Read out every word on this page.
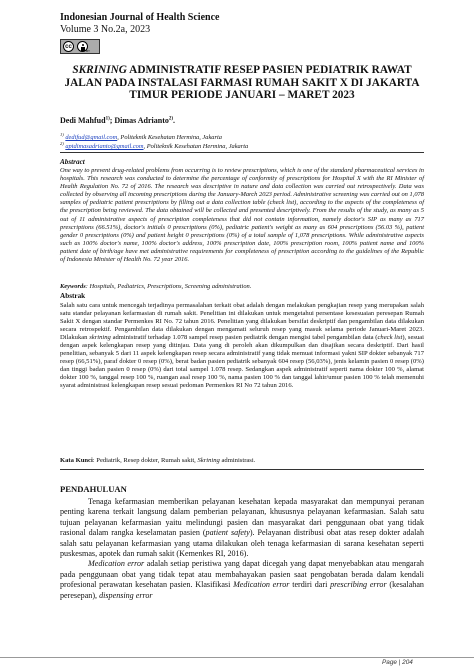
Indonesian Journal of Health Science
Volume 3 No.2a, 2023
cc
BY
SKRINING ADMINISTRATIF RESEP PASIEN PEDIATRIK RAWAT
JALAN PADA INSTALASI FARMASI RUMAH SAKIT X DI JAKARTA
TIMUR PERIODE JANUARI – MARET 2023
Dedi Mahfud$^{1)}$; Dimas Adrianto$^{2)}$.
$^{1)}$ dedifud@gmail.com, Politeknik Kesehatan Hermina, Jakarta
$^{2)}$ aptdimasadrianto@gmail.com, Politeknik Kesehatan Hermina, Jakarta
Abstract
One way to prevent drug-related problems from occurring is to review prescriptions, which is one of the standard pharmaceutical services in hospitals. This research was conducted to determine the percentage of conformity of prescriptions for Hospital X with the RI Minister of Health Regulation No. 72 of 2016. The research was descriptive in nature and data collection was carried out retrospectively. Data was collected by observing all incoming prescriptions during the January-March 2023 period. Administrative screening was carried out on 1,078 samples of pediatric patient prescriptions by filling out a data collection table (check list), according to the aspects of the completeness of the prescription being reviewed. The data obtained will be collected and presented descriptively. From the results of the study, as many as 5 out of 11 administrative aspects of prescription completeness that did not contain information, namely doctor's SIP as many as 717 prescriptions (66.51%), doctor's initials 0 prescriptions (0%), pediatric patient's weight as many as 604 prescriptions (56.03 %), patient gender 0 prescriptions (0%) and patient height 0 prescriptions (0%) of a total sample of 1,078 prescriptions. While administrative aspects such as 100% doctor's name, 100% doctor's address, 100% prescription date, 100% prescription room, 100% patient name and 100% patient date of birth/age have met administrative requirements for completeness of prescription according to the guidelines of the Republic of Indonesia Minister of Health No. 72 year 2016.
Keywords: Hospitals, Pediatrics, Prescriptions, Screening administration.
Abstrak
Salah satu cara untuk mencegah terjadinya permasalahan terkait obat adalah dengan melakukan pengkajian resep yang merupakan salah satu standar pelayanan kefarmasian di rumah sakit. Penelitian ini dilakukan untuk mengetahui persentase kesesuaian peresepan Rumah Sakit X dengan standar Permenkes RI No. 72 tahun 2016. Penelitian yang dilakukan bersifat deskriptif dan pengambilan data dilakukan secara retrospektif. Pengambilan data dilakukan dengan mengamati seluruh resep yang masuk selama periode Januari-Maret 2023. Dilakukan skrining administratif terhadap 1.078 sampel resep pasien pediatrik dengan mengisi tabel pengambilan data (check list), sesuai dengan aspek kelengkapan resep yang ditinjau. Data yang di peroleh akan dikumpulkan dan disajikan secara deskriptif. Dari hasil penelitian, sebanyak 5 dari 11 aspek kelengkapan resep secara administratif yang tidak memuat informasi yakni SIP dokter sebanyak 717 resep (66,51%), paraf dokter 0 resep (0%), berat badan pasien pediatrik sebanyak 604 resep (56,03%), jenis kelamin pasien 0 resep (0%) dan tinggi badan pasien 0 resep (0%) dari total sampel 1.078 resep. Sedangkan aspek administratif seperti nama dokter 100 %, alamat dokter 100 %, tanggal resep 100 %, ruangan asal resep 100 %, nama pasien 100 % dan tanggal lahir/umur pasien 100 % telah memenuhi syarat administrasi kelengkapan resep sesuai pedoman Permenkes RI No 72 tahun 2016.
Kata Kunci: Pediatrik, Resep dokter, Rumah sakit, Skrining administrasi.
PENDAHULUAN

Tenaga kefarmasian memberikan pelayanan kesehatan kepada masyarakat dan mempunyai peranan penting karena terkait langsung dalam pemberian pelayanan, khususnya pelayanan kefarmasian. Salah satu tujuan pelayanan kefarmasian yaitu melindungi pasien dan masyarakat dari penggunaan obat yang tidak rasional dalam rangka keselamatan pasien (patient safety). Pelayanan distribusi obat atas resep dokter adalah salah satu pelayanan kefarmasian yang utama dilakukan oleh tenaga kefarmasian di sarana kesehatan seperti puskesmas, apotek dan rumah sakit (Kemenkes RI, 2016).

Medication error adalah setiap peristiwa yang dapat dicegah yang dapat menyebabkan atau mengarah pada penggunaan obat yang tidak tepat atau membahayakan pasien saat pengobatan berada dalam kendali profesional perawatan kesehatan pasien. Klasifikasi Medication error terdiri dari prescribing error (kesalahan peresepan), dispensing error

Page | 204
